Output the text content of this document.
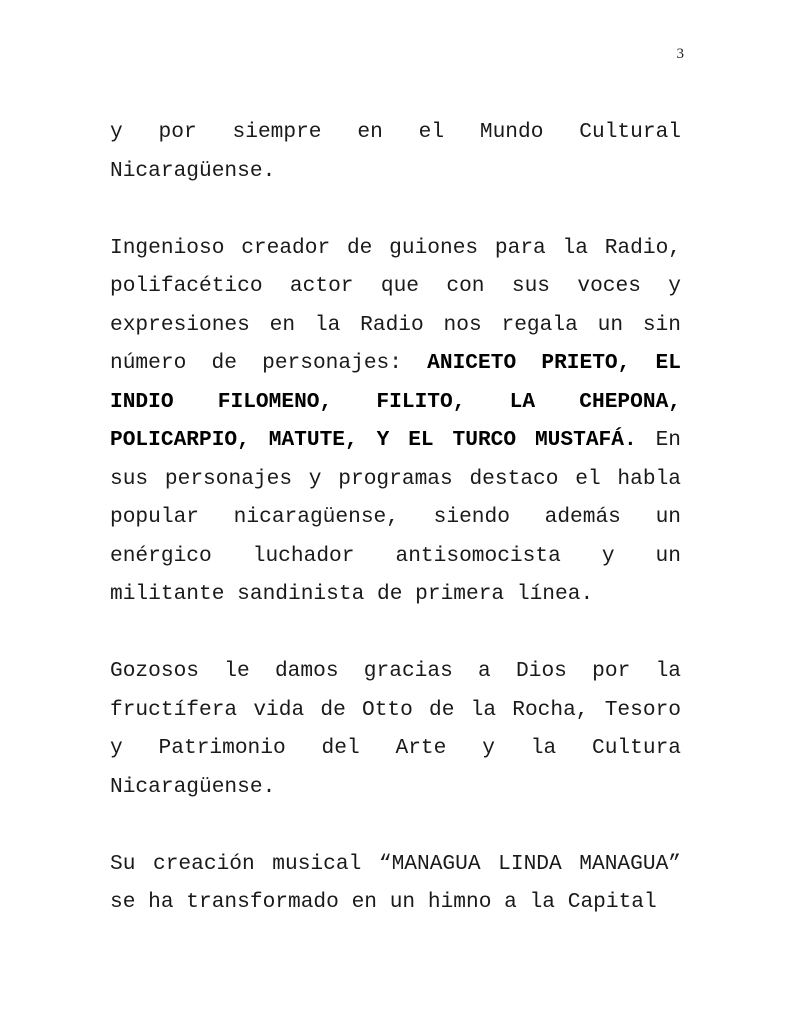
3

y por siempre en el Mundo Cultural
Nicaragüense.

Ingenioso creador de guiones para la Radio,
polifacético actor que con sus voces y
expresiones en la Radio nos regala un sin
número de personajes: ANICETO PRIETO, EL
INDIO FILOMENO, FILITO, LA CHEPONA,
POLICARPIO, MATUTE, Y EL TURCO MUSTAFÁ. En
sus personajes y programas destaco el habla
popular nicaragüense, siendo además un
enérgico luchador antisomocista y un
militante sandinista de primera línea.

Gozosos le damos gracias a Dios por la
fructífera vida de Otto de la Rocha, Tesoro
y Patrimonio del Arte y la Cultura
Nicaragüense.

Su creación musical “MANAGUA LINDA MANAGUA”
se ha transformado en un himno a la Capital
